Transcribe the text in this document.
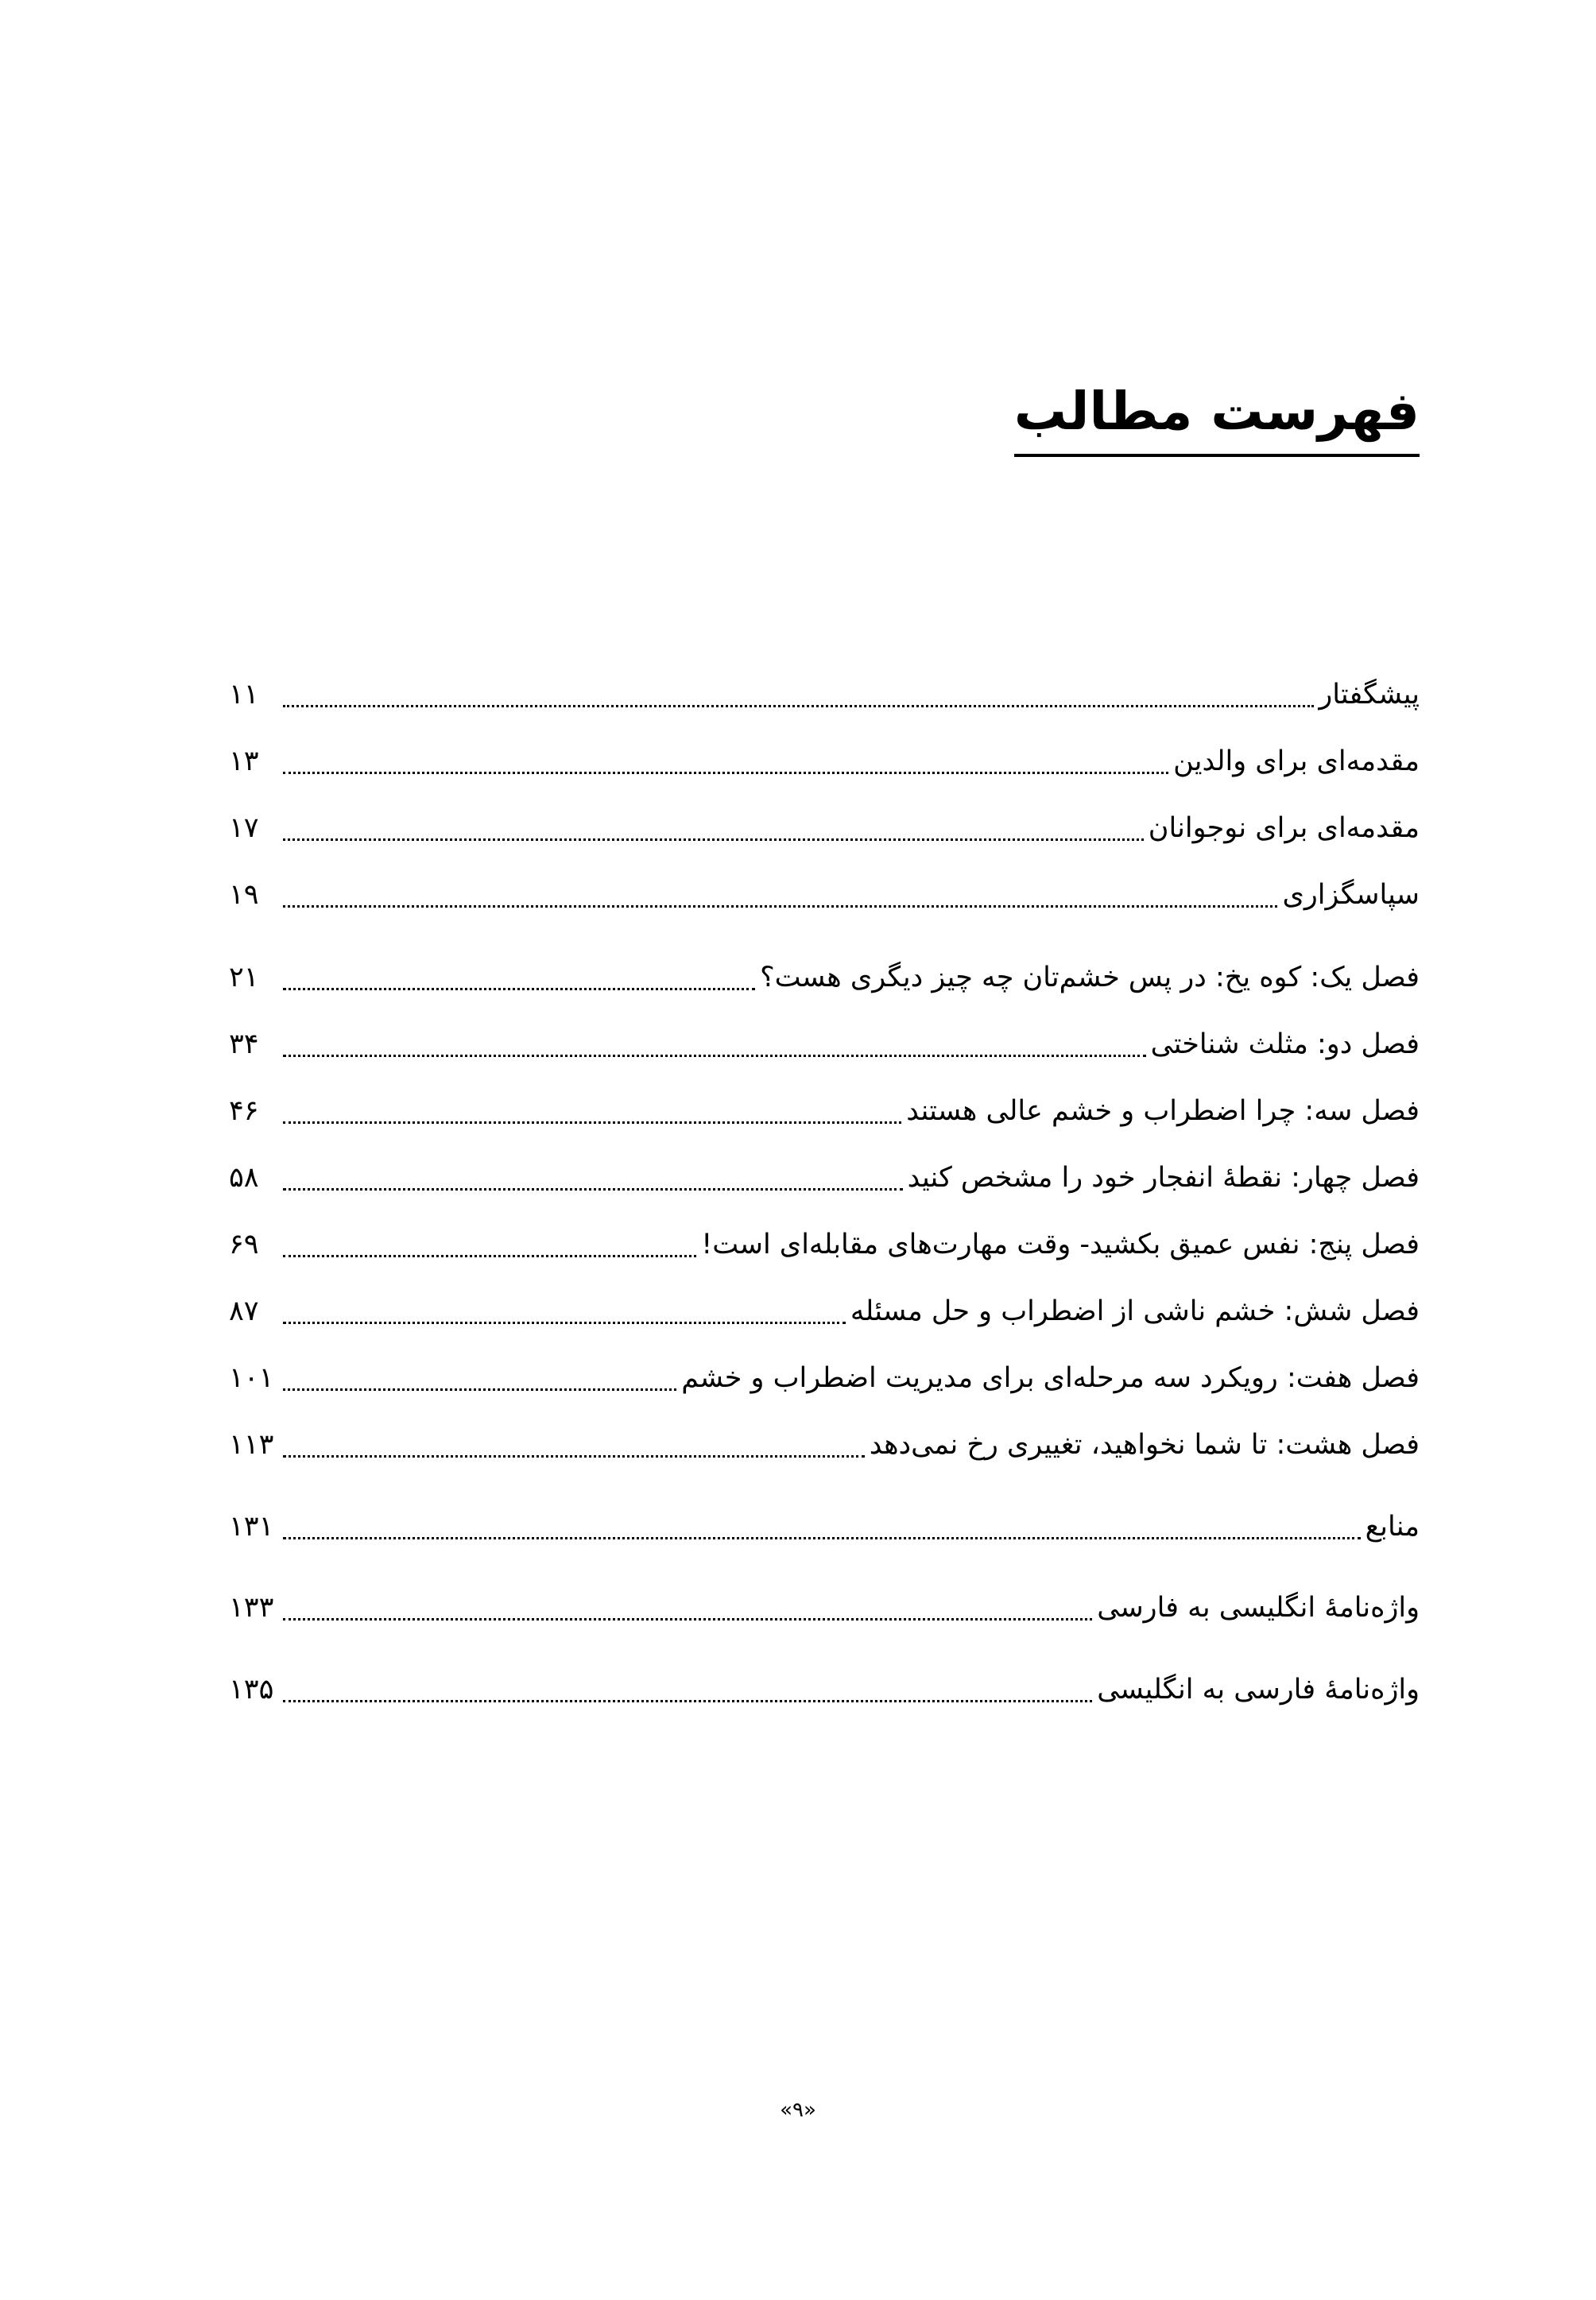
فهرست مطالب
پیشگفتار
۱۱
مقدمه‌ای برای والدین
۱۳
مقدمه‌ای برای نوجوانان
۱۷
سپاسگزاری
۱۹
فصل یک: کوه یخ: در پس خشم‌تان چه چیز دیگری هست؟
۲۱
فصل دو: مثلث شناختی
۳۴
فصل سه: چرا اضطراب و خشم عالی هستند
۴۶
فصل چهار: نقطهٔ انفجار خود را مشخص کنید
۵۸
فصل پنج: نفس عمیق بکشید- وقت مهارت‌های مقابله‌ای است!
۶۹
فصل شش: خشم ناشی از اضطراب و حل مسئله
۸۷
فصل هفت: رویکرد سه مرحله‌ای برای مدیریت اضطراب و خشم
۱۰۱
فصل هشت: تا شما نخواهید، تغییری رخ نمی‌دهد
۱۱۳
منابع
۱۳۱
واژه‌نامهٔ انگلیسی به فارسی
۱۳۳
واژه‌نامهٔ فارسی به انگلیسی
۱۳۵
«۹»
